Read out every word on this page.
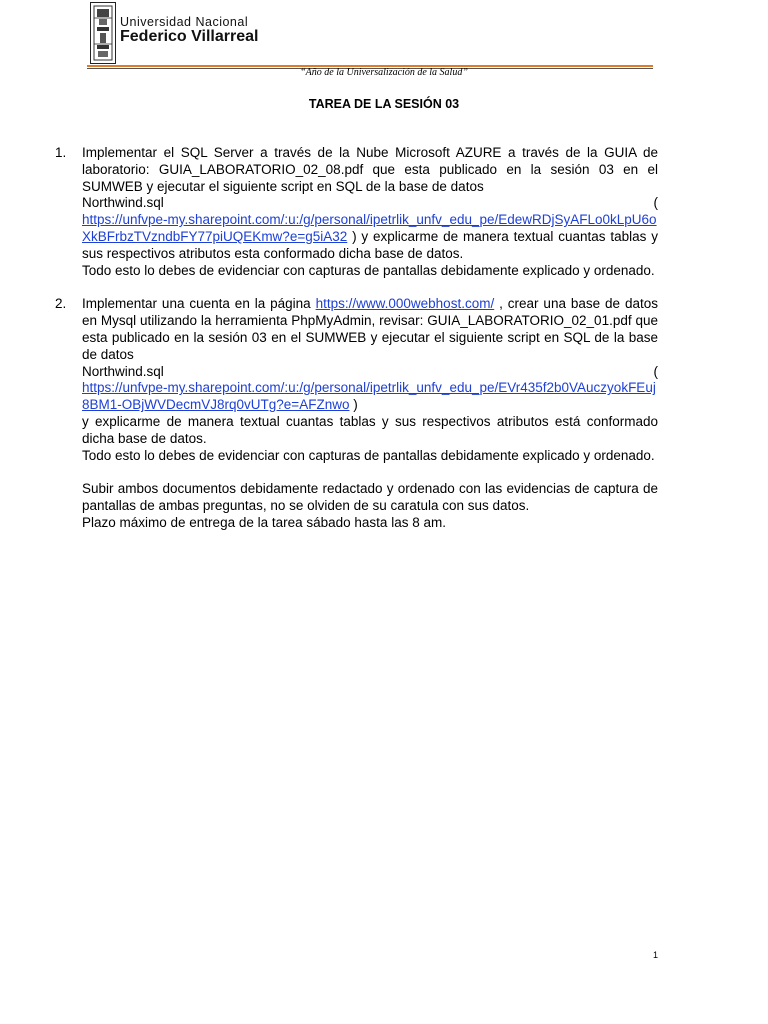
Universidad Nacional
Federico Villarreal
“Año de la Universalización de la Salud”
TAREA DE LA SESIÓN 03
1. Implementar el SQL Server a través de la Nube Microsoft AZURE a través de la GUIA de laboratorio: GUIA_LABORATORIO_02_08.pdf que esta publicado en la sesión 03 en el SUMWEB y ejecutar el siguiente script en SQL de la base de datos

Northwind.sql (

https://unfvpe-my.sharepoint.com/:u:/g/personal/ipetrlik_unfv_edu_pe/EdewRDjSyAFLo0kLpU6oXkBFrbzTVzndbFY77piUQEKmw?e=g5iA32 ) y explicarme de manera textual cuantas tablas y sus respectivos atributos esta conformado dicha base de datos.

Todo esto lo debes de evidenciar con capturas de pantallas debidamente explicado y ordenado.

2. Implementar una cuenta en la página https://www.000webhost.com/ , crear una base de datos en Mysql utilizando la herramienta PhpMyAdmin, revisar: GUIA_LABORATORIO_02_01.pdf que esta publicado en la sesión 03 en el SUMWEB y ejecutar el siguiente script en SQL de la base de datos

Northwind.sql (

https://unfvpe-my.sharepoint.com/:u:/g/personal/ipetrlik_unfv_edu_pe/EVr435f2b0VAuczyokFEuj8BM1-OBjWVDecmVJ8rq0vUTg?e=AFZnwo )

y explicarme de manera textual cuantas tablas y sus respectivos atributos está conformado dicha base de datos.

Todo esto lo debes de evidenciar con capturas de pantallas debidamente explicado y ordenado.

Subir ambos documentos debidamente redactado y ordenado con las evidencias de captura de pantallas de ambas preguntas, no se olviden de su caratula con sus datos.

Plazo máximo de entrega de la tarea sábado hasta las 8 am.

1
